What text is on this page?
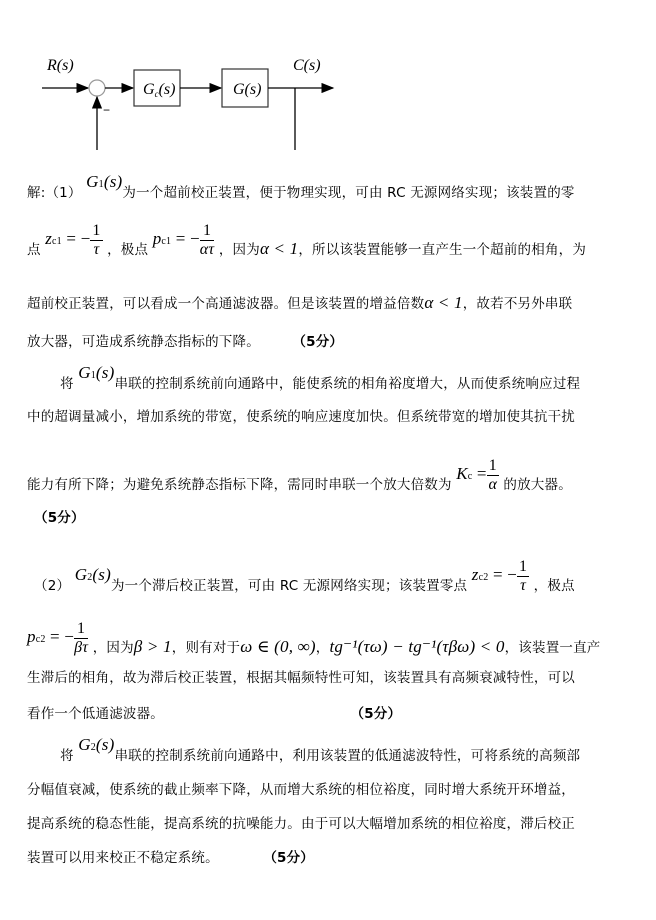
R(s)
Gc(s)	G(s)
C(s)
−
解:（1） G1(s)为一个超前校正装置，便于物理实现，可由 RC 无源网络实现；该装置的零
点 zc1 = − $\frac{1}{\tau}$ ，极点 pc1 = − $\frac{1}{\alpha\tau}$ ，因为α < 1，所以该装置能够一直产生一个超前的相角，为
超前校正装置，可以看成一个高通滤波器。但是该装置的增益倍数α < 1，故若不另外串联
放大器，可造成系统静态指标的下降。 （5分）
将 G1(s)串联的控制系统前向通路中，能使系统的相角裕度增大，从而使系统响应过程
中的超调量减小，增加系统的带宽，使系统的响应速度加快。但系统带宽的增加使其抗干扰
能力有所下降；为避免系统静态指标下降，需同时串联一个放大倍数为 $Kc = \frac{1}{\alpha}$ 的放大器。
（5分）
（2） G2(s)为一个滞后校正装置，可由 RC 无源网络实现；该装置零点 zc2 = − $\frac{1}{\tau}$ ，极点
pc2 = − $\frac{1}{\beta\tau}$ ，因为β > 1，则有对于ω ∈ (0, ∞)，tg⁻¹(τω) − tg⁻¹(τβω) < 0，该装置一直产
生滞后的相角，故为滞后校正装置，根据其幅频特性可知，该装置具有高频衰减特性，可以
看作一个低通滤波器。	（5分）
将 G2(s)串联的控制系统前向通路中，利用该装置的低通滤波特性，可将系统的高频部
分幅值衰减，使系统的截止频率下降，从而增大系统的相位裕度，同时增大系统开环增益，
提高系统的稳态性能，提高系统的抗噪能力。由于可以大幅增加系统的相位裕度，滞后校正
装置可以用来校正不稳定系统。	（5分）
